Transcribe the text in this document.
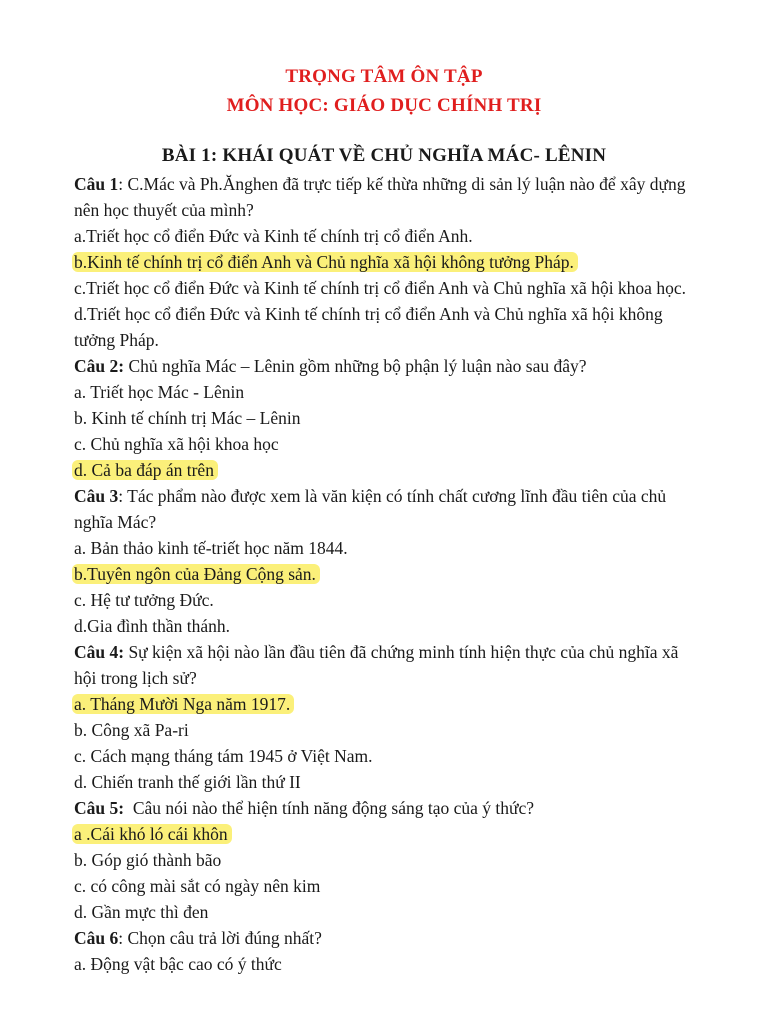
TRỌNG TÂM ÔN TẬP
MÔN HỌC: GIÁO DỤC CHÍNH TRỊ
BÀI 1: KHÁI QUÁT VỀ CHỦ NGHĨA MÁC- LÊNIN
Câu 1: C.Mác và Ph.Ănghen đã trực tiếp kế thừa những di sản lý luận nào để xây dựng
nên học thuyết của mình?
a.Triết học cổ điển Đức và Kinh tế chính trị cổ điển Anh.
b.Kinh tế chính trị cổ điển Anh và Chủ nghĩa xã hội không tưởng Pháp.
c.Triết học cổ điển Đức và Kinh tế chính trị cổ điển Anh và Chủ nghĩa xã hội khoa học.
d.Triết học cổ điển Đức và Kinh tế chính trị cổ điển Anh và Chủ nghĩa xã hội không
tưởng Pháp.
Câu 2: Chủ nghĩa Mác – Lênin gồm những bộ phận lý luận nào sau đây?
a. Triết học Mác - Lênin
b. Kinh tế chính trị Mác – Lênin
c. Chủ nghĩa xã hội khoa học
d. Cả ba đáp án trên
Câu 3: Tác phẩm nào được xem là văn kiện có tính chất cương lĩnh đầu tiên của chủ
nghĩa Mác?
a. Bản thảo kinh tế-triết học năm 1844.
b.Tuyên ngôn của Đảng Cộng sản.
c. Hệ tư tưởng Đức.
d.Gia đình thần thánh.
Câu 4: Sự kiện xã hội nào lần đầu tiên đã chứng minh tính hiện thực của chủ nghĩa xã
hội trong lịch sử?
a. Tháng Mười Nga năm 1917.
b. Công xã Pa-ri
c. Cách mạng tháng tám 1945 ở Việt Nam.
d. Chiến tranh thế giới lần thứ II
Câu 5:  Câu nói nào thể hiện tính năng động sáng tạo của ý thức?
a .Cái khó ló cái khôn
b. Góp gió thành bão
c. có công mài sắt có ngày nên kim
d. Gần mực thì đen
Câu 6: Chọn câu trả lời đúng nhất?
a. Động vật bậc cao có ý thức
